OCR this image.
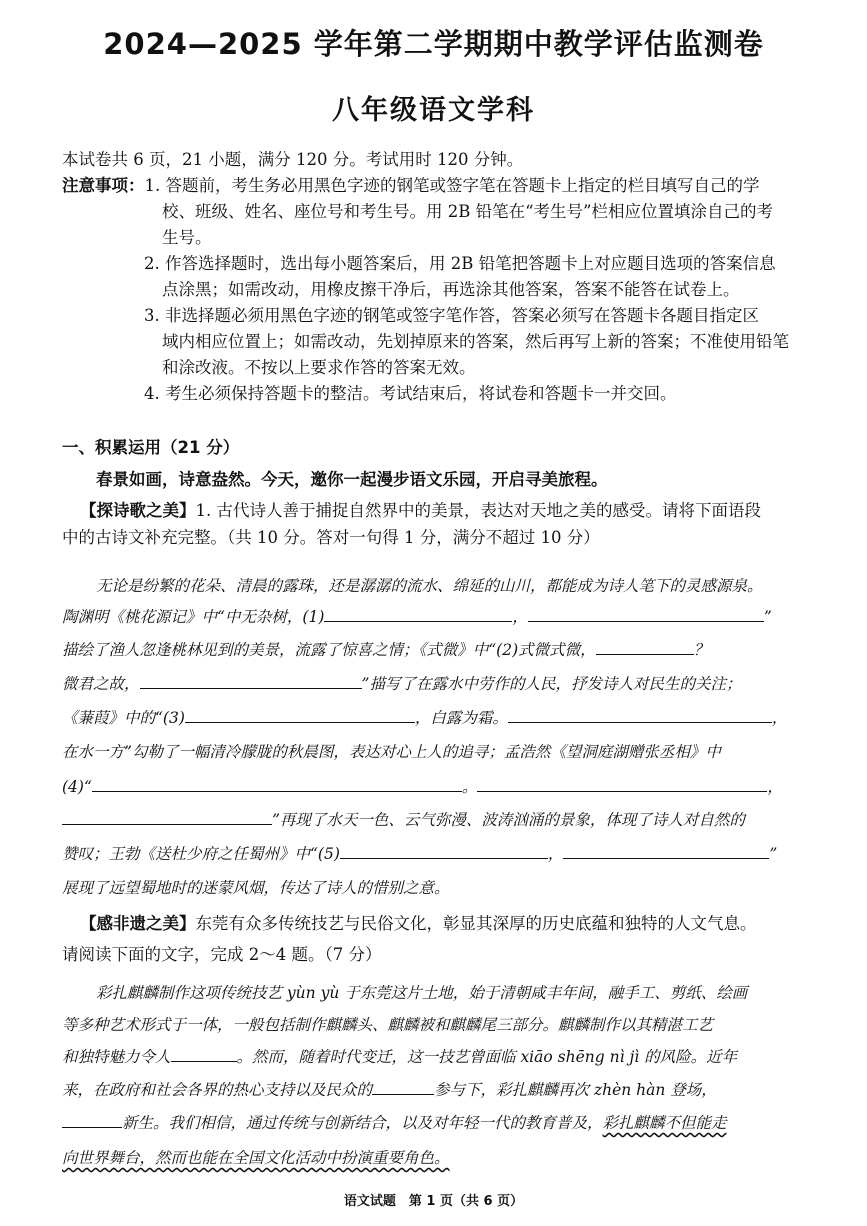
2024—2025 学年第二学期期中教学评估监测卷
八年级语文学科
本试卷共 6 页，21 小题，满分 120 分。考试用时 120 分钟。
注意事项：1. 答题前，考生务必用黑色字迹的钢笔或签字笔在答题卡上指定的栏目填写自己的学
校、班级、姓名、座位号和考生号。用 2B 铅笔在“考生号”栏相应位置填涂自己的考
生号。
2. 作答选择题时，选出每小题答案后，用 2B 铅笔把答题卡上对应题目选项的答案信息
点涂黑；如需改动，用橡皮擦干净后，再选涂其他答案，答案不能答在试卷上。
3. 非选择题必须用黑色字迹的钢笔或签字笔作答，答案必须写在答题卡各题目指定区
域内相应位置上；如需改动，先划掉原来的答案，然后再写上新的答案；不准使用铅笔
和涂改液。不按以上要求作答的答案无效。
4. 考生必须保持答题卡的整洁。考试结束后，将试卷和答题卡一并交回。
一、积累运用（21 分）
春景如画，诗意盎然。今天，邀你一起漫步语文乐园，开启寻美旅程。
【探诗歌之美】1. 古代诗人善于捕捉自然界中的美景，表达对天地之美的感受。请将下面语段
中的古诗文补充完整。（共 10 分。答对一句得 1 分，满分不超过 10 分）
无论是纷繁的花朵、清晨的露珠，还是潺潺的流水、绵延的山川，都能成为诗人笔下的灵感源泉。
陶渊明《桃花源记》中“中无杂树，(1)	，	”
描绘了渔人忽逢桃林见到的美景，流露了惊喜之情；《式微》中“(2)式微式微，	？
微君之故，	”描写了在露水中劳作的人民，抒发诗人对民生的关注；
《蒹葭》中的“(3)	，白露为霜。	，
在水一方”勾勒了一幅清冷朦胧的秋晨图，表达对心上人的追寻；孟浩然《望洞庭湖赠张丞相》中
(4)“	。	，
”再现了水天一色、云气弥漫、波涛汹涌的景象，体现了诗人对自然的
赞叹；王勃《送杜少府之任蜀州》中“(5)	，	”
展现了远望蜀地时的迷蒙风烟，传达了诗人的惜别之意。
【感非遗之美】东莞有众多传统技艺与民俗文化，彰显其深厚的历史底蕴和独特的人文气息。
请阅读下面的文字，完成 2～4 题。（7 分）
彩扎麒麟制作这项传统技艺 yùn yù 于东莞这片土地，始于清朝咸丰年间，融手工、剪纸、绘画
等多种艺术形式于一体，一般包括制作麒麟头、麒麟被和麒麟尾三部分。麒麟制作以其精湛工艺
和独特魅力令人	。然而，随着时代变迁，这一技艺曾面临 xiāo shēng nì jì 的风险。近年
来，在政府和社会各界的热心支持以及民众的	参与下，彩扎麒麟再次 zhèn hàn 登场，
新生。我们相信，通过传统与创新结合，以及对年轻一代的教育普及，彩扎麒麟不但能走
向世界舞台，然而也能在全国文化活动中扮演重要角色。
语文试题　第 1 页（共 6 页）
